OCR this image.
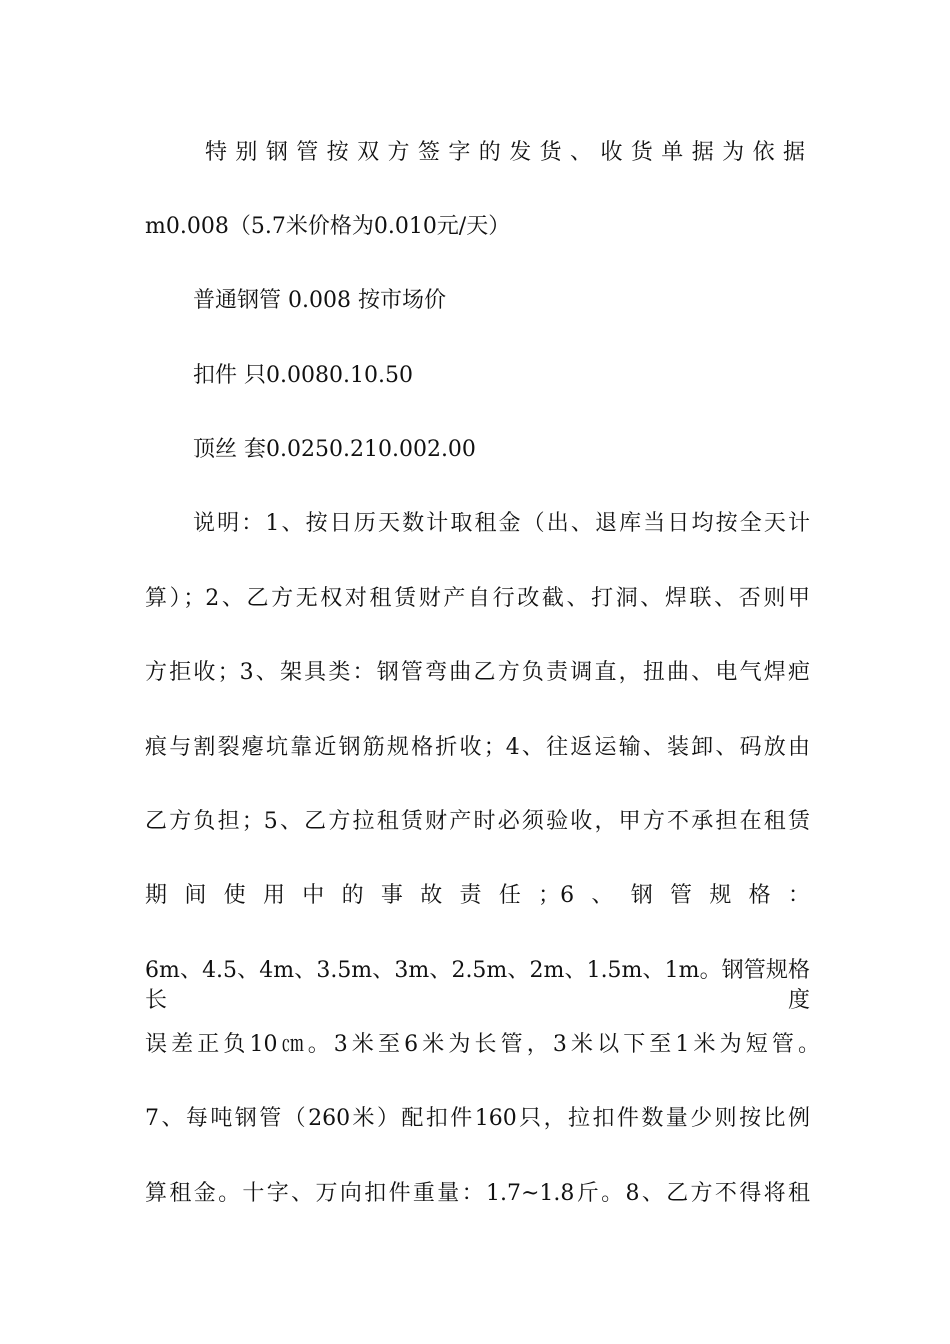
特别钢管按双方签字的发货、收货单据为依据
m0.008（5.7米价格为0.010元/天）
普通钢管 0.008 按市场价
扣件 只0.0080.10.50
顶丝 套0.0250.210.002.00
说明：1、按日历天数计取租金（出、退库当日均按全天计
算）；2、乙方无权对租赁财产自行改截、打洞、焊联、否则甲
方拒收；3、架具类：钢管弯曲乙方负责调直，扭曲、电气焊疤
痕与割裂瘪坑靠近钢筋规格折收；4、往返运输、装卸、码放由
乙方负担；5、乙方拉租赁财产时必须验收，甲方不承担在租赁
期间使用中的事故责任；6、钢管规格：
6m、4.5、4m、3.5m、3m、2.5m、2m、1.5m、1m。钢管规格长度
误差正负10㎝。3米至6米为长管，3米以下至1米为短管。
7、每吨钢管（260米）配扣件160只，拉扣件数量少则按比例
算租金。十字、万向扣件重量：1.7~1.8斤。8、乙方不得将租
